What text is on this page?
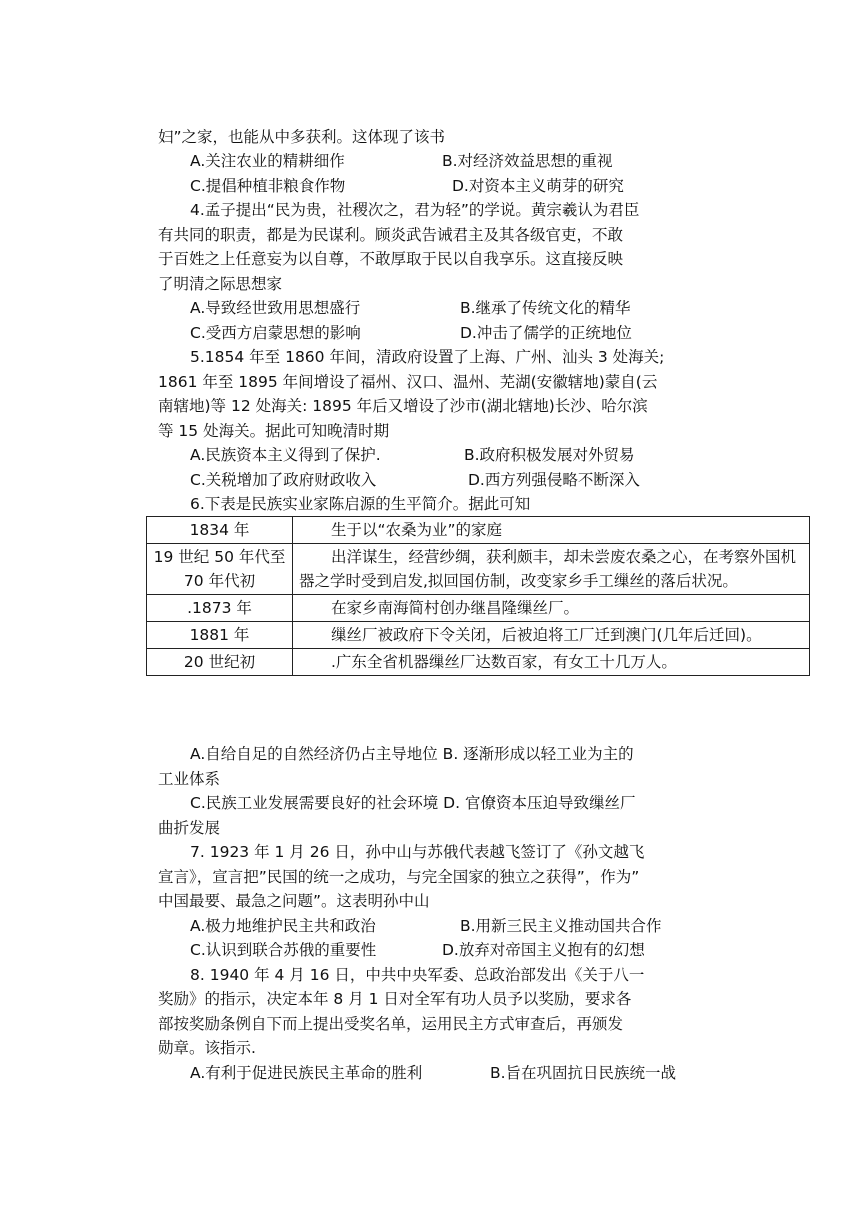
妇”之家，也能从中多获利。这体现了该书
A.关注农业的精耕细作	B.对经济效益思想的重视
C.提倡种植非粮食作物	D.对资本主义萌芽的研究
4.孟子提出“民为贵，社稷次之，君为轻”的学说。黄宗羲认为君臣
有共同的职责，都是为民谋利。顾炎武告诫君主及其各级官吏，不敢
于百姓之上任意妄为以自尊，不敢厚取于民以自我享乐。这直接反映
了明清之际思想家
A.导致经世致用思想盛行	B.继承了传统文化的精华
C.受西方启蒙思想的影响	D.冲击了儒学的正统地位
5.1854 年至 1860 年间，清政府设置了上海、广州、汕头 3 处海关;
1861 年至 1895 年间增设了福州、汉口、温州、芜湖(安徽辖地)蒙自(云
南辖地)等 12 处海关: 1895 年后又增设了沙市(湖北辖地)长沙、哈尔滨
等 15 处海关。据此可知晚清时期
A.民族资本主义得到了保护.	B.政府积极发展对外贸易
C.关税增加了政府财政收入	D.西方列强侵略不断深入
6.下表是民族实业家陈启源的生平简介。据此可知
1834 年	生于以“农桑为业”的家庭
19 世纪 50 年代至 70 年代初	出洋谋生，经营纱绸，获利颇丰，却未尝废农桑之心，在考察外国机器之学时受到启发,拟回国仿制，改变家乡手工缫丝的落后状况。
.1873 年	在家乡南海简村创办继昌隆缫丝厂。
1881 年	缫丝厂被政府下令关闭，后被迫将工厂迁到澳门(几年后迁回)。
20 世纪初	.广东全省机器缫丝厂达数百家，有女工十几万人。
A.自给自足的自然经济仍占主导地位 B. 逐渐形成以轻工业为主的
工业体系
C.民族工业发展需要良好的社会环境 D. 官僚资本压迫导致缫丝厂
曲折发展
7. 1923 年 1 月 26 日，孙中山与苏俄代表越飞签订了《孙文越飞
宣言》，宣言把”民国的统一之成功，与完全国家的独立之获得”，作为”
中国最要、最急之问题”。这表明孙中山
A.极力地维护民主共和政治	B.用新三民主义推动国共合作
C.认识到联合苏俄的重要性	D.放弃对帝国主义抱有的幻想
8. 1940 年 4 月 16 日，中共中央军委、总政治部发出《关于八一
奖励》的指示，决定本年 8 月 1 日对全军有功人员予以奖励，要求各
部按奖励条例自下而上提出受奖名单，运用民主方式审查后，再颁发
勋章。该指示.
A.有利于促进民族民主革命的胜利	B.旨在巩固抗日民族统一战
